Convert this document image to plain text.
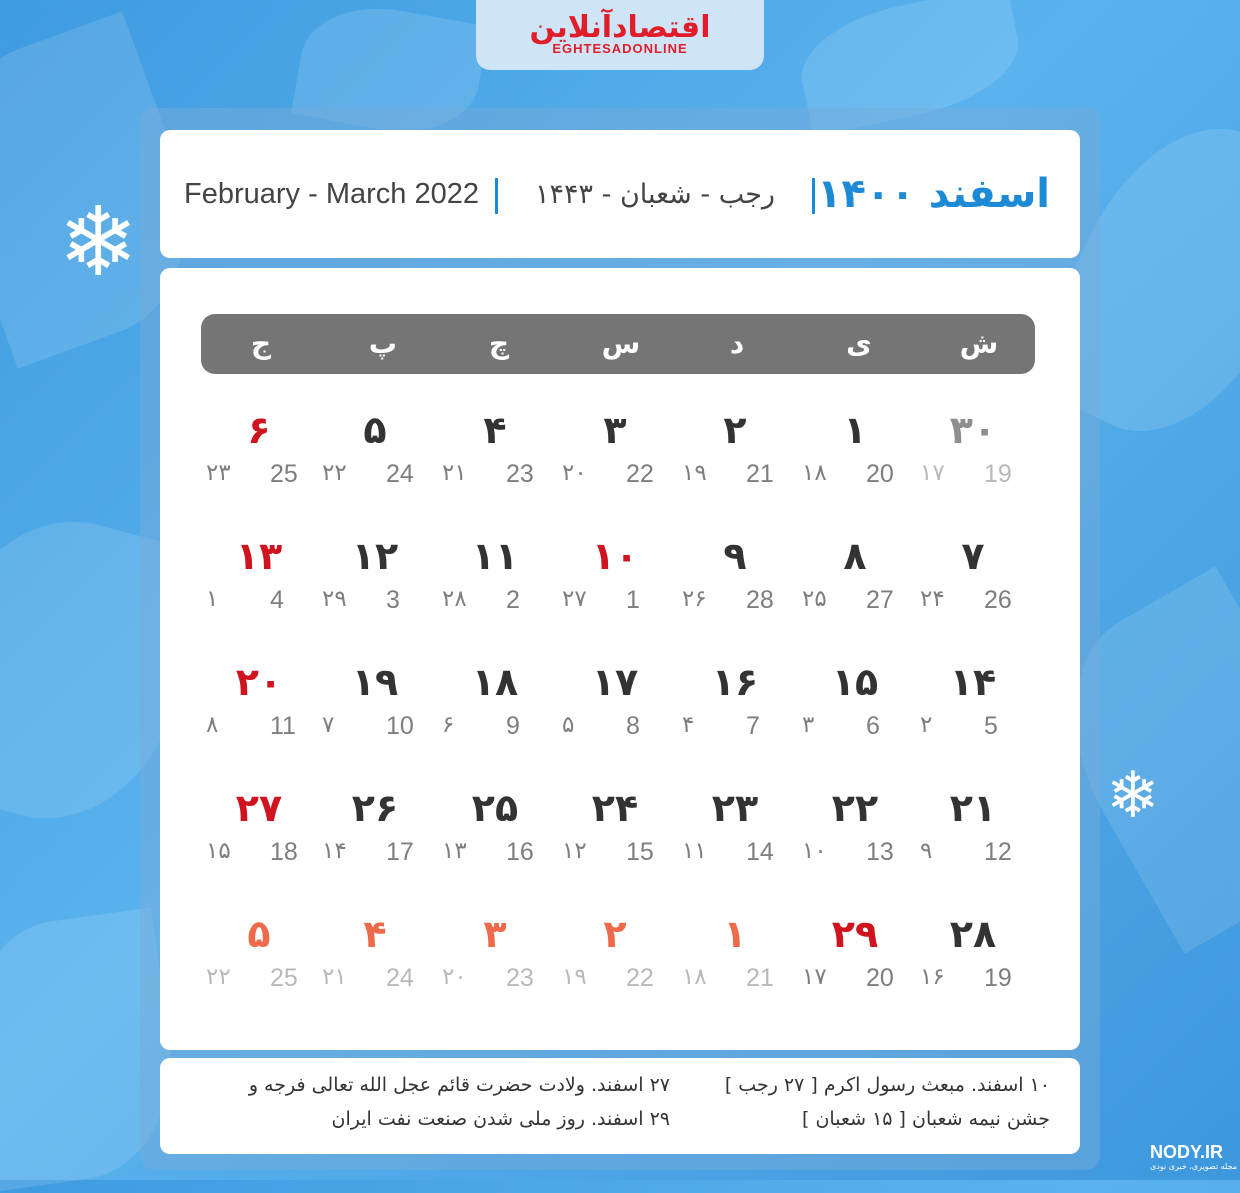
اقتصادآنلاین
EGHTESADONLINE
❄
❄
February - March 2022 رجب - شعبان - ۱۴۴۳ اسفند ۱۴۰۰
ش
ی
د
س
چ
پ
ج
۳۰
۱۷ 19
۱
۱۸ 20
۲
۱۹ 21
۳
۲۰ 22
۴
۲۱ 23
۵
۲۲ 24
۶
۲۳ 25
۷
۲۴ 26
۸
۲۵ 27
۹
۲۶ 28
۱۰
۲۷ 1
۱۱
۲۸ 2
۱۲
۲۹ 3
۱۳
۱ 4
۱۴
۲ 5
۱۵
۳ 6
۱۶
۴ 7
۱۷
۵ 8
۱۸
۶ 9
۱۹
۷ 10
۲۰
۸ 11
۲۱
۹ 12
۲۲
۱۰ 13
۲۳
۱۱ 14
۲۴
۱۲ 15
۲۵
۱۳ 16
۲۶
۱۴ 17
۲۷
۱۵ 18
۲۸
۱۶ 19
۲۹
۱۷ 20
۱
۱۸ 21
۲
۱۹ 22
۳
۲۰ 23
۴
۲۱ 24
۵
۲۲ 25
۱۰ اسفند. مبعث رسول اکرم [ ۲۷ رجب ]
۲۷ اسفند. ولادت حضرت قائم عجل الله تعالی فرجه و
جشن نیمه شعبان [ ۱۵ شعبان ]
۲۹ اسفند. روز ملی شدن صنعت نفت ایران
NODY.IR
مجله تصویری، خبری نودی
